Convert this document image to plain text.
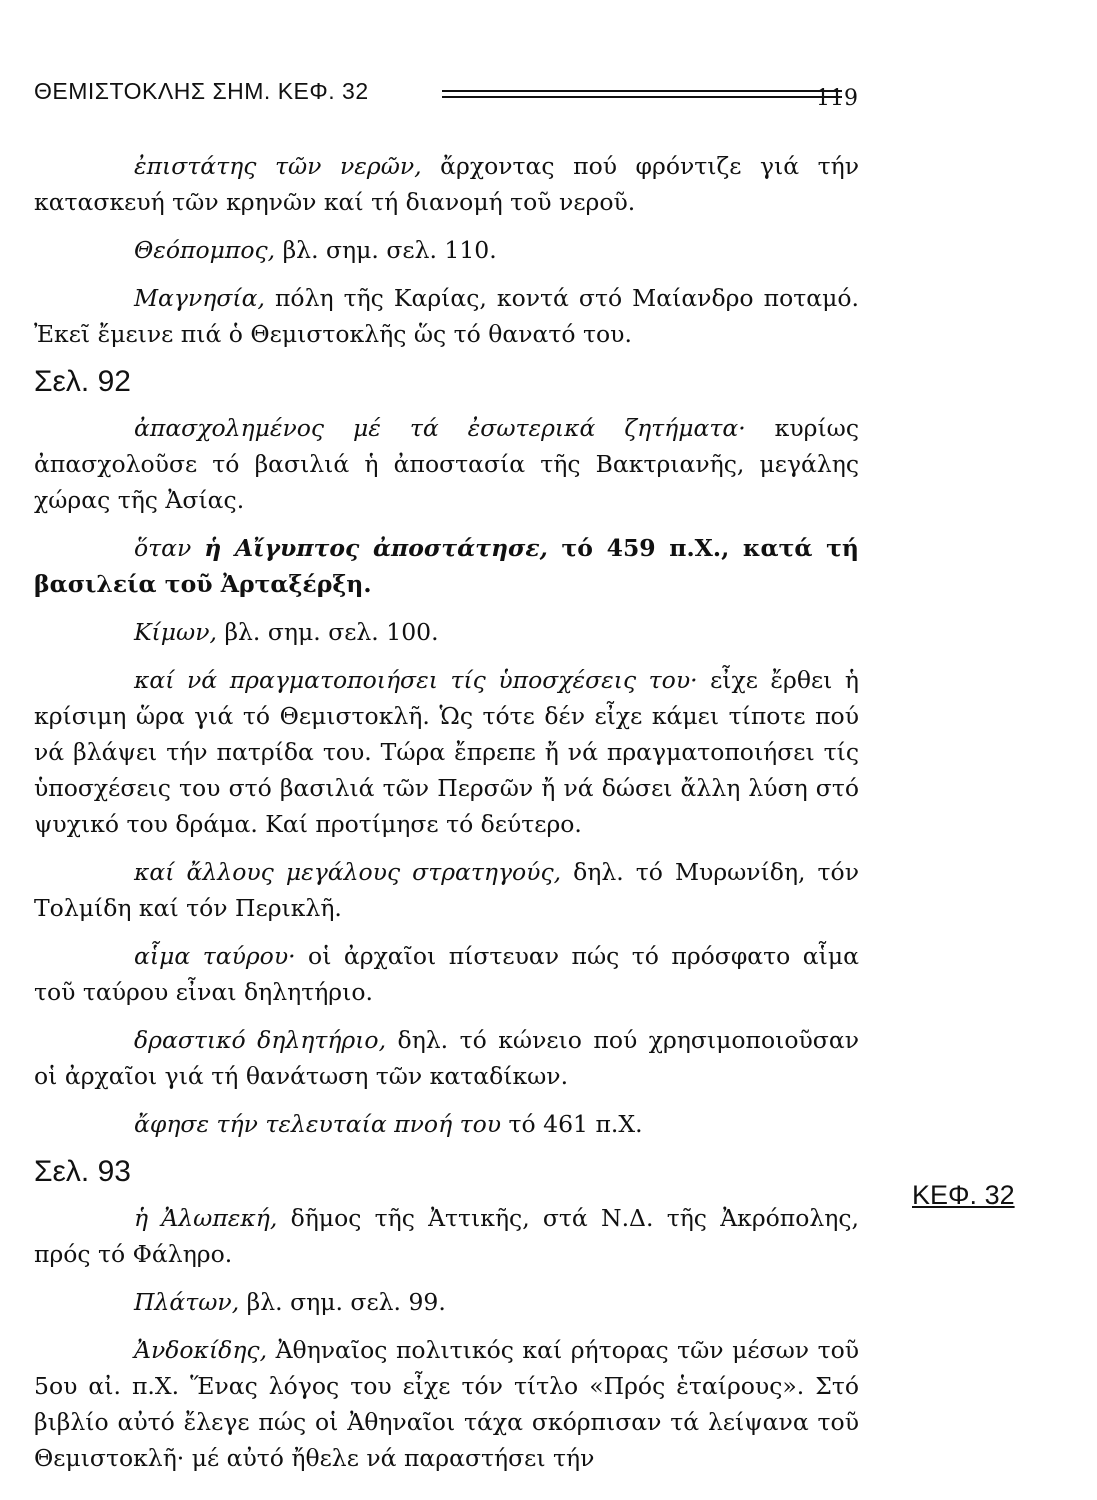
ΘΕΜΙΣΤΟΚΛΗΣ ΣΗΜ. ΚΕΦ. 32	119

ἐπιστάτης τῶν νερῶν, ἄρχοντας πού φρόντιζε γιά τήν κατασκευή τῶν κρηνῶν καί τή διανομή τοῦ νεροῦ.

Θεόπομπος, βλ. σημ. σελ. 110.

Μαγνησία, πόλη τῆς Καρίας, κοντά στό Μαίανδρο ποταμό. Ἐκεῖ ἔμεινε πιά ὁ Θεμιστοκλῆς ὥς τό θανατό του.

Σελ. 92

ἀπασχολημένος μέ τά ἐσωτερικά ζητήματα· κυρίως ἀπασχολοῦσε τό βασιλιά ἡ ἀποστασία τῆς Βακτριανῆς, μεγάλης χώρας τῆς Ἀσίας.

ὅταν ἡ Αἴγυπτος ἀποστάτησε, τό 459 π.Χ., κατά τή βασιλεία τοῦ Ἀρταξέρξη.

Κίμων, βλ. σημ. σελ. 100.

καί νά πραγματοποιήσει τίς ὑποσχέσεις του· εἶχε ἔρθει ἡ κρίσιμη ὥρα γιά τό Θεμιστοκλῆ. Ὡς τότε δέν εἶχε κάμει τίποτε πού νά βλάψει τήν πατρίδα του. Τώρα ἔπρεπε ἤ νά πραγματοποιήσει τίς ὑποσχέσεις του στό βασιλιά τῶν Περσῶν ἤ νά δώσει ἄλλη λύση στό ψυχικό του δράμα. Καί προτίμησε τό δεύτερο.

καί ἄλλους μεγάλους στρατηγούς, δηλ. τό Μυρωνίδη, τόν Τολμίδη καί τόν Περικλῆ.

αἷμα ταύρου· οἱ ἀρχαῖοι πίστευαν πώς τό πρόσφατο αἷμα τοῦ ταύρου εἶναι δηλητήριο.

δραστικό δηλητήριο, δηλ. τό κώνειο πού χρησιμοποιοῦσαν οἱ ἀρχαῖοι γιά τή θανάτωση τῶν καταδίκων.

ἄφησε τήν τελευταία πνοή του τό 461 π.Χ.

Σελ. 93

ἡ Ἀλωπεκή, δῆμος τῆς Ἀττικῆς, στά Ν.Δ. τῆς Ἀκρόπολης, πρός τό Φάληρο.

Πλάτων, βλ. σημ. σελ. 99.

Ἀνδοκίδης, Ἀθηναῖος πολιτικός καί ρήτορας τῶν μέσων τοῦ 5ου αἰ. π.Χ. Ἕνας λόγος του εἶχε τόν τίτλο «Πρός ἑταίρους». Στό βιβλίο αὐτό ἔλεγε πώς οἱ Ἀθηναῖοι τάχα σκόρπισαν τά λείψανα τοῦ Θεμιστοκλῆ· μέ αὐτό ἤθελε νά παραστήσει τήν

ΚΕΦ. 32
